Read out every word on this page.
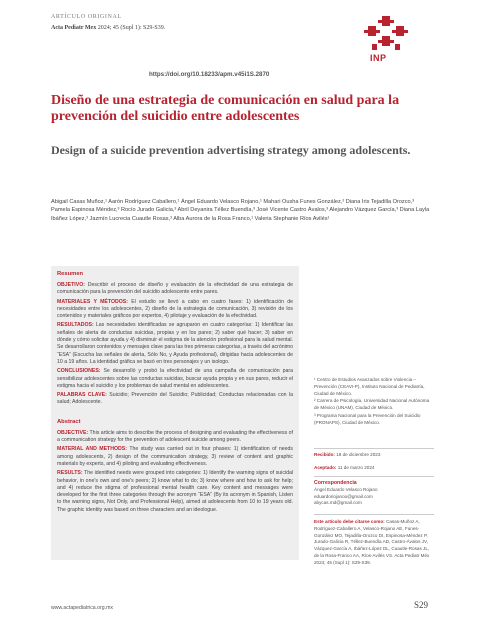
ARTÍCULO ORIGINAL
Acta Pediatr Mex 2024; 45 (Supl 1): S29-S39.
https://doi.org/10.18233/apm.v45i1S.2870
INP
Diseño de una estrategia de comunicación en salud para la prevención del suicidio entre adolescentes
Design of a suicide prevention advertising strategy among adolescents.

Abigail Casas Muñoz,¹ Aarón Rodríguez Caballero,¹ Ángel Eduardo Velasco Rojano,¹ Mahari Ousha Funes González,² Diana Iris Tejadilla Orozco,³ Pamela Espinosa Méndez,³ Rocío Jurado Galicia,³ Abril Deyanira Téllez Buendía,³ José Vicente Castro Ávalos,³ Alejandro Vázquez García,³ Diana Layla Ibáñez López,³ Jazmín Lucrecia Cuautle Rosas,³ Alba Aurora de la Rosa Franco,¹ Valeria Stephanie Ríos Avilés¹

Resumen

OBJETIVO: Describir el proceso de diseño y evaluación de la efectividad de una estrategia de comunicación para la prevención del suicidio adolescente entre pares.

MATERIALES Y MÉTODOS: El estudio se llevó a cabo en cuatro fases: 1) identificación de necesidades entre los adolescentes, 2) diseño de la estrategia de comunicación, 3) revisión de los contenidos y materiales gráficos por expertos, 4) pilotaje y evaluación de la efectividad.

RESULTADOS: Las necesidades identificadas se agruparon en cuatro categorías: 1) Identificar las señales de alerta de conductas suicidas, propias y en los pares; 2) saber qué hacer; 3) saber en dónde y cómo solicitar ayuda y 4) disminuir el estigma de la atención profesional para la salud mental. Se desarrollaron contenidos y mensajes clave para las tres primeras categorías, a través del acrónimo “ESA” (Escucha las señales de alerta, Sólo No, y Ayuda profesional), dirigidas hacia adolescentes de 10 a 19 años. La identidad gráfica se basó en tres personajes y un isologo.

CONCLUSIONES: Se desarrolló y probó la efectividad de una campaña de comunicación para sensibilizar adolescentes sobre las conductas suicidas, buscar ayuda propia y en sus pares, reducir el estigma hacia el suicidio y los problemas de salud mental en adolescentes.

PALABRAS CLAVE: Suicidio; Prevención del Suicidio; Publicidad; Conductas relacionadas con la salud; Adolescente.

Abstract

OBJECTIVE: This article aims to describe the process of designing and evaluating the effectiveness of a communication strategy for the prevention of adolescent suicide among peers.

MATERIAL AND METHODS: The study was carried out in four phases: 1) identification of needs among adolescents, 2) design of the communication strategy, 3) review of content and graphic materials by experts, and 4) piloting and evaluating effectiveness.

RESULTS: The identified needs were grouped into categories: 1) Identify the warning signs of suicidal behavior, in one's own and one's peers; 2) know what to do; 3) know where and how to ask for help; and 4) reduce the stigma of professional mental health care. Key content and messages were developed for the first three categories through the acronym “ESA” (By its acronym in Spanish, Listen to the warning signs, Not Only, and Professional Help), aimed at adolescents from 10 to 19 years old. The graphic identity was based on three characters and an ideologue.

¹ Centro de Estudios Avanzados sobre Violencia – Prevención (CEAVI-P), Instituto Nacional de Pediatría, Ciudad de México.
² Carrera de Psicología, Universidad Nacional Autónoma de México (UNAM), Ciudad de México.
³ Programa Nacional para la Prevención del Suicidio (PRONAPS), Ciudad de México.
Recibido: 18 de diciembre 2023
Aceptado: 11 de marzo 2024
Correspondencia
Ángel Eduardo Velasco Rojano
eduardoriojanoo@gmail.com
abycas.md@gmail.com
Este artículo debe citarse como: Casas-Muñoz A, Rodríguez-Caballero A, Velasco-Rojano AE, Funes-González MO, Tejadilla-Orozco DI, Espinosa-Méndez P, Jurado-Galicia R, Téllez-Buendía AD, Castro-Ávalos JV, Vázquez-García A, Ibáñez-López DL, Cuautle-Rosas JL, de la Rosa-Franco AA, Ríos-Avilés VS. Acta Pediatr Méx 2024; 45 (Supl 1): S29-S39.
www.actapediatrica.org.mx	S29
